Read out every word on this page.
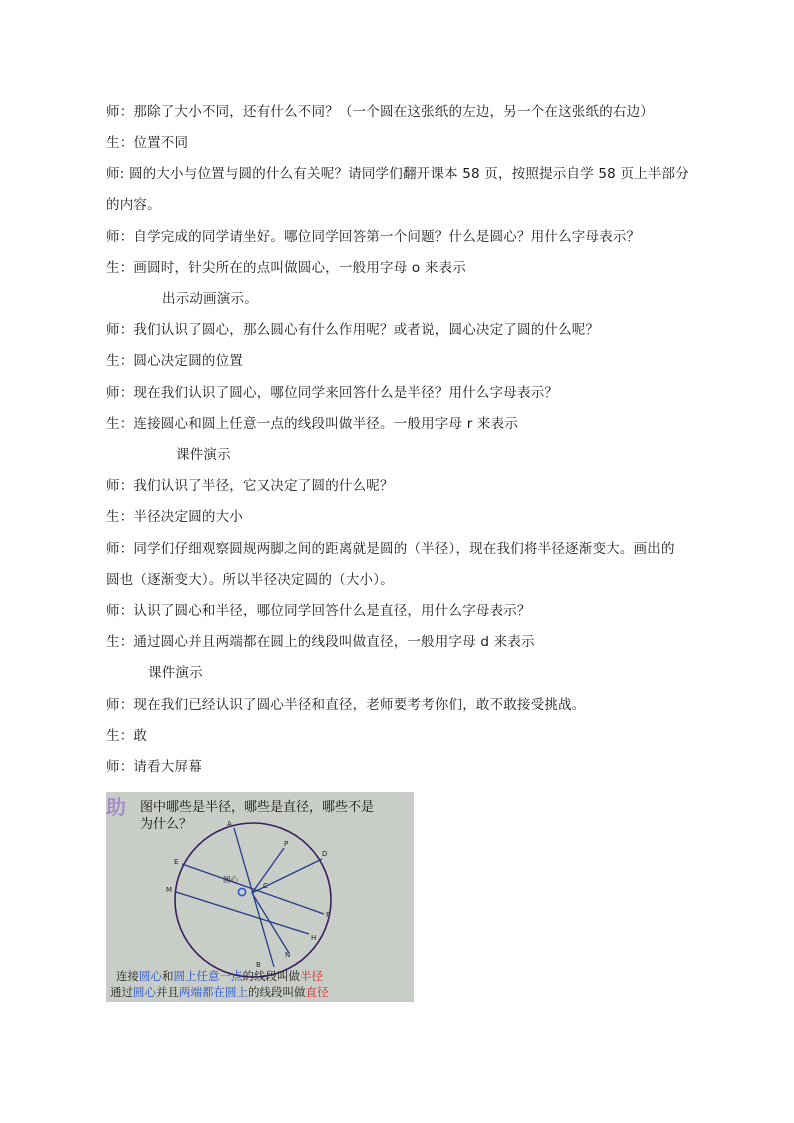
师：那除了大小不同，还有什么不同？（一个圆在这张纸的左边，另一个在这张纸的右边）
生：位置不同
师: 圆的大小与位置与圆的什么有关呢？请同学们翻开课本 58 页，按照提示自学 58 页上半部分
的内容。
师：自学完成的同学请坐好。哪位同学回答第一个问题？什么是圆心？用什么字母表示？
生：画圆时，针尖所在的点叫做圆心，一般用字母 o 来表示
出示动画演示。
师：我们认识了圆心，那么圆心有什么作用呢？或者说，圆心决定了圆的什么呢？
生：圆心决定圆的位置
师：现在我们认识了圆心，哪位同学来回答什么是半径？用什么字母表示？
生：连接圆心和圆上任意一点的线段叫做半径。一般用字母 r 来表示
课件演示
师：我们认识了半径，它又决定了圆的什么呢？
生：半径决定圆的大小
师：同学们仔细观察圆规两脚之间的距离就是圆的（半径），现在我们将半径逐渐变大。画出的
圆也（逐渐变大）。所以半径决定圆的（大小）。
师：认识了圆心和半径，哪位同学回答什么是直径，用什么字母表示？
生：通过圆心并且两端都在圆上的线段叫做直径，一般用字母 d 来表示
课件演示
师：现在我们已经认识了圆心半径和直径，老师要考考你们，敢不敢接受挑战。
生：敢
师：请看大屏幕
助	图中哪些是半径，哪些是直径，哪些不是
为什么？	A
P
D
E
C
M
F
H
N
B
圆心
连接圆心和圆上任意一点的线段叫做半径
通过圆心并且两端都在圆上的线段叫做直径
